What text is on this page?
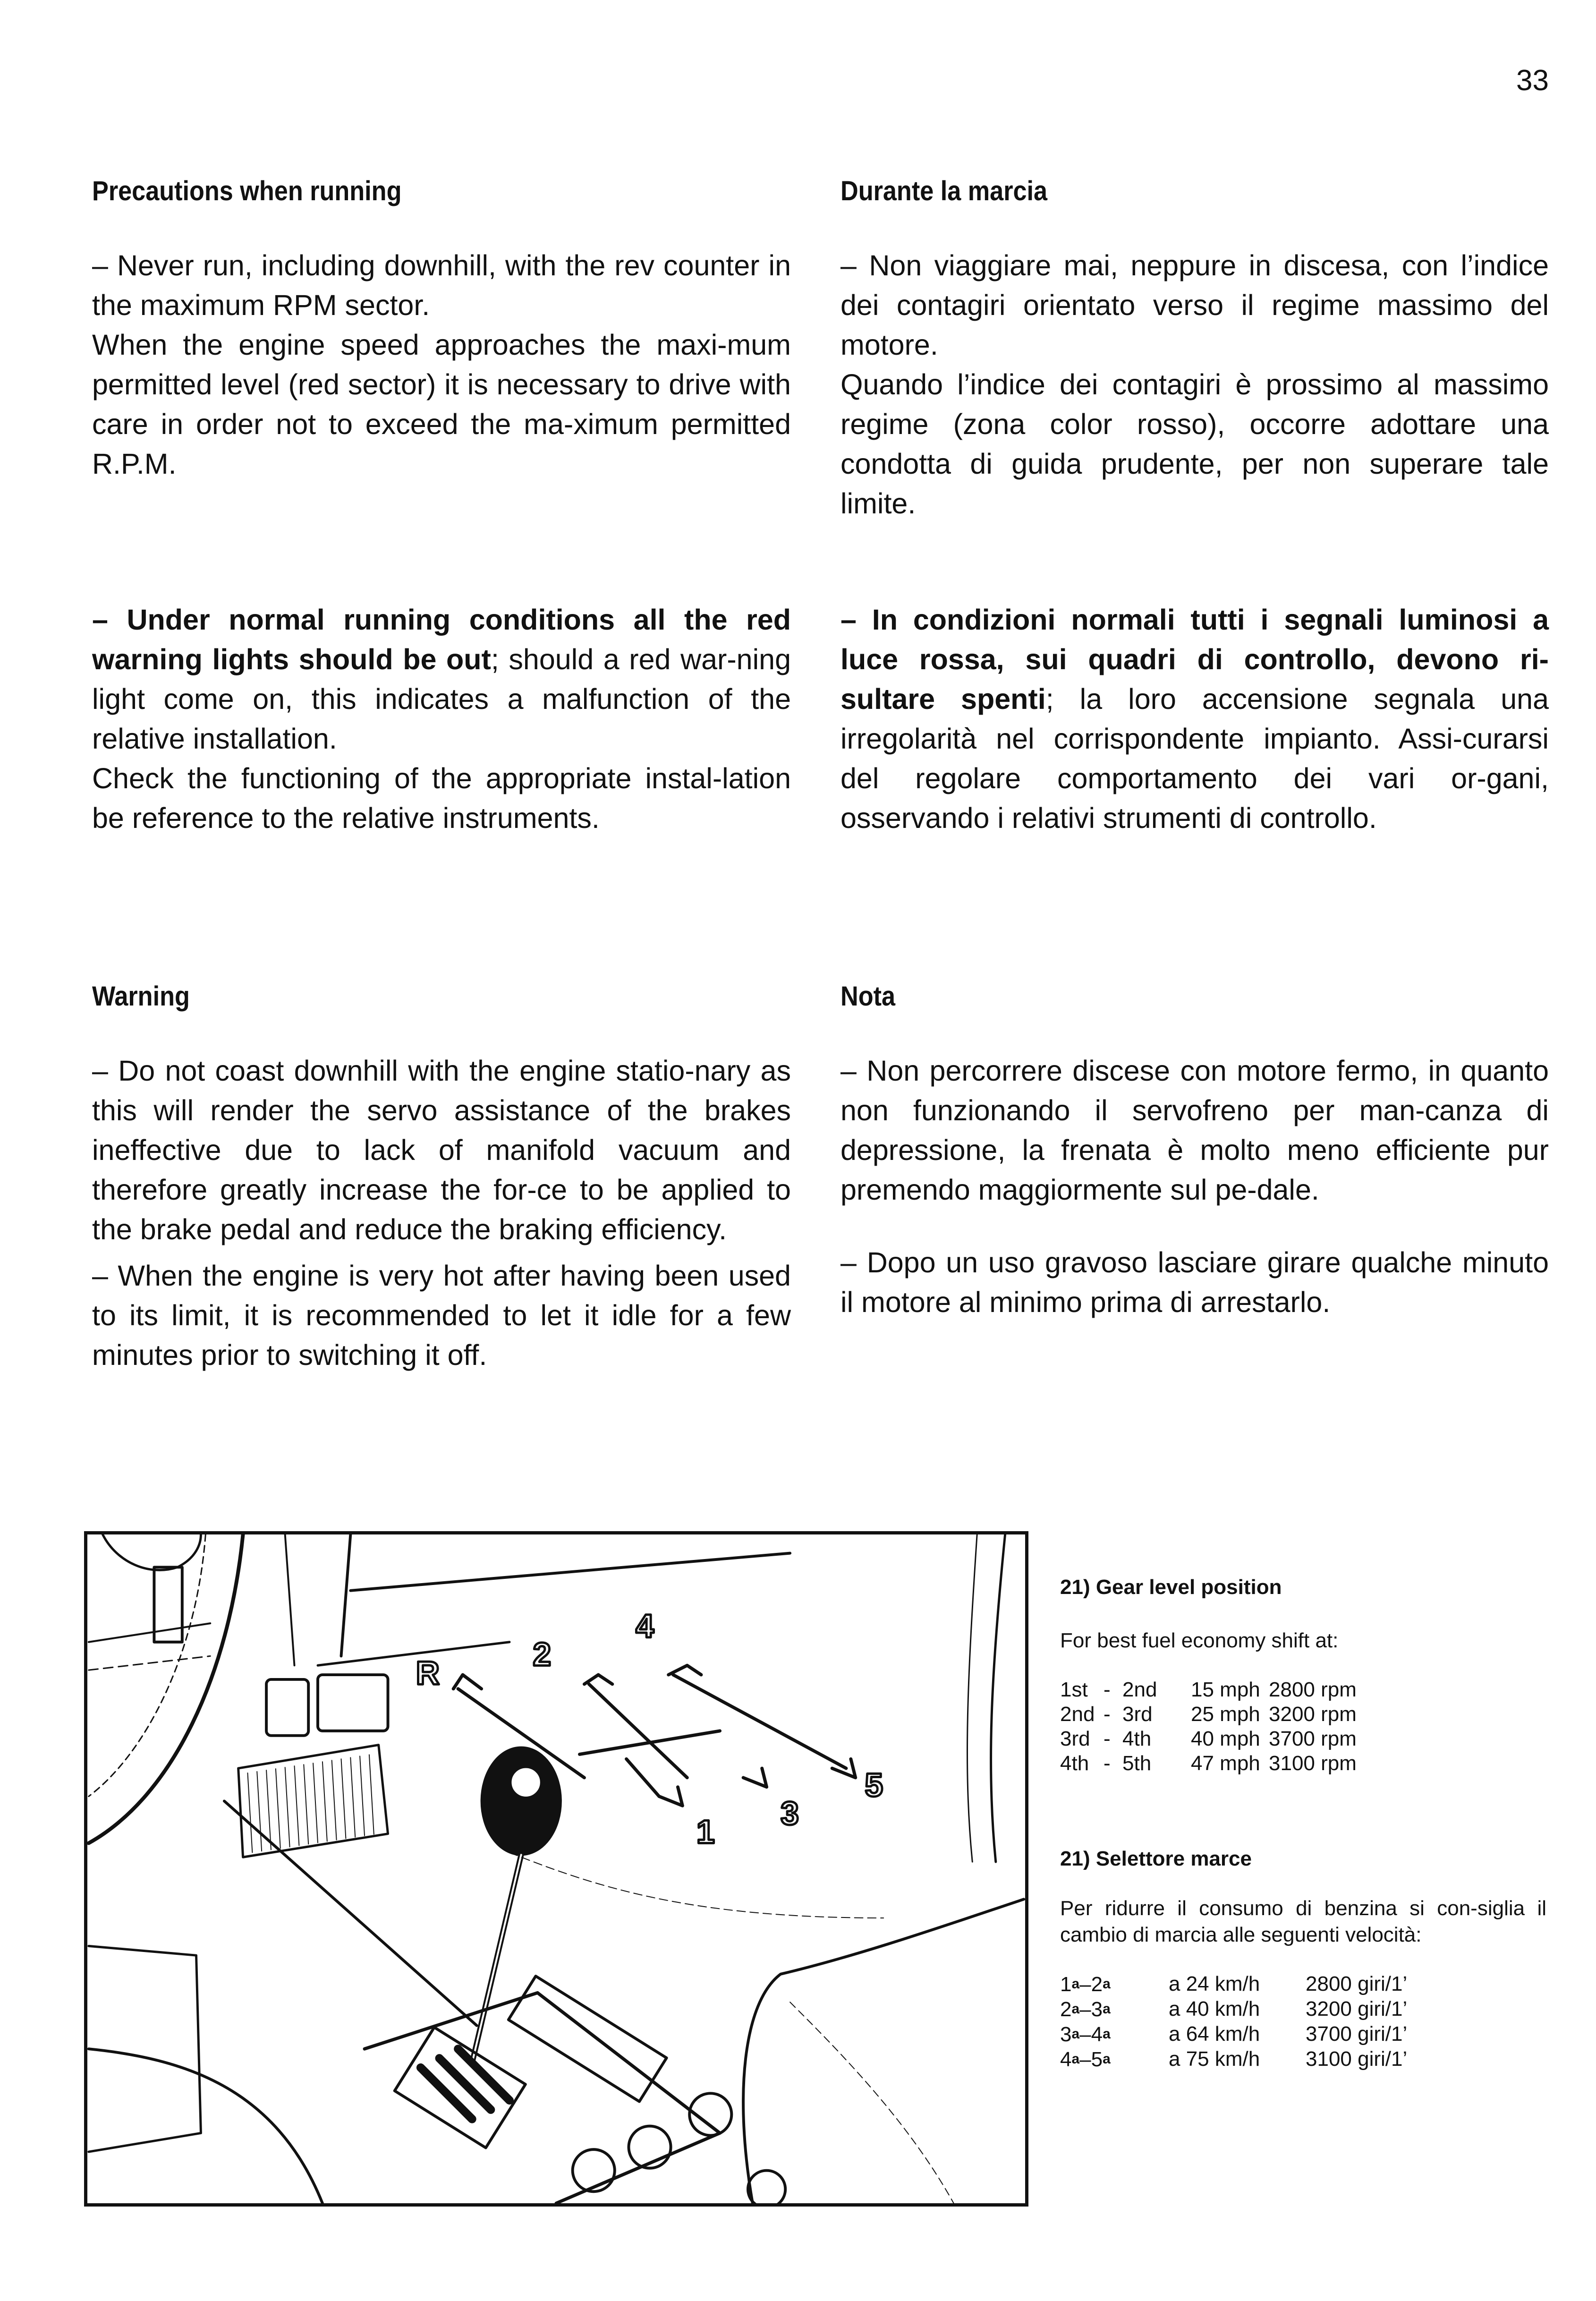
33
Precautions when running

– Never run, including downhill, with the rev counter in the maximum RPM sector.

When the engine speed approaches the maxi-mum permitted level (red sector) it is necessary to drive with care in order not to exceed the ma-ximum permitted R.P.M.

Durante la marcia

– Non viaggiare mai, neppure in discesa, con l’indice dei contagiri orientato verso il regime massimo del motore.

Quando l’indice dei contagiri è prossimo al massimo regime (zona color rosso), occorre adottare una condotta di guida prudente, per non superare tale limite.

– Under normal running conditions all the red warning lights should be out; should a red war-ning light come on, this indicates a malfunction of the relative installation.

Check the functioning of the appropriate instal-lation be reference to the relative instruments.

– In condizioni normali tutti i segnali luminosi a luce rossa, sui quadri di controllo, devono ri-sultare spenti; la loro accensione segnala una irregolarità nel corrispondente impianto. Assi-curarsi del regolare comportamento dei vari or-gani, osservando i relativi strumenti di controllo.

Warning

– Do not coast downhill with the engine statio-nary as this will render the servo assistance of the brakes ineffective due to lack of manifold vacuum and therefore greatly increase the for-ce to be applied to the brake pedal and reduce the braking efficiency.

– When the engine is very hot after having been used to its limit, it is recommended to let it idle for a few minutes prior to switching it off.

Nota

– Non percorrere discese con motore fermo, in quanto non funzionando il servofreno per man-canza di depressione, la frenata è molto meno efficiente pur premendo maggiormente sul pe-dale.

– Dopo un uso gravoso lasciare girare qualche minuto il motore al minimo prima di arrestarlo.

R
2
4
1
3
5
21) Gear level position

For best fuel economy shift at:

1st	-	2nd	15 mph	2800 rpm
2nd	-	3rd	25 mph	3200 rpm
3rd	-	4th	40 mph	3700 rpm
4th	-	5th	47 mph	3100 rpm
21) Selettore marce

Per ridurre il consumo di benzina si con-siglia il cambio di marcia alle seguenti velocità:

1$^a$–2$^a$	a 24 km/h	2800 giri/1’
2$^a$–3$^a$	a 40 km/h	3200 giri/1’
3$^a$–4$^a$	a 64 km/h	3700 giri/1’
4$^a$–5$^a$	a 75 km/h	3100 giri/1’
